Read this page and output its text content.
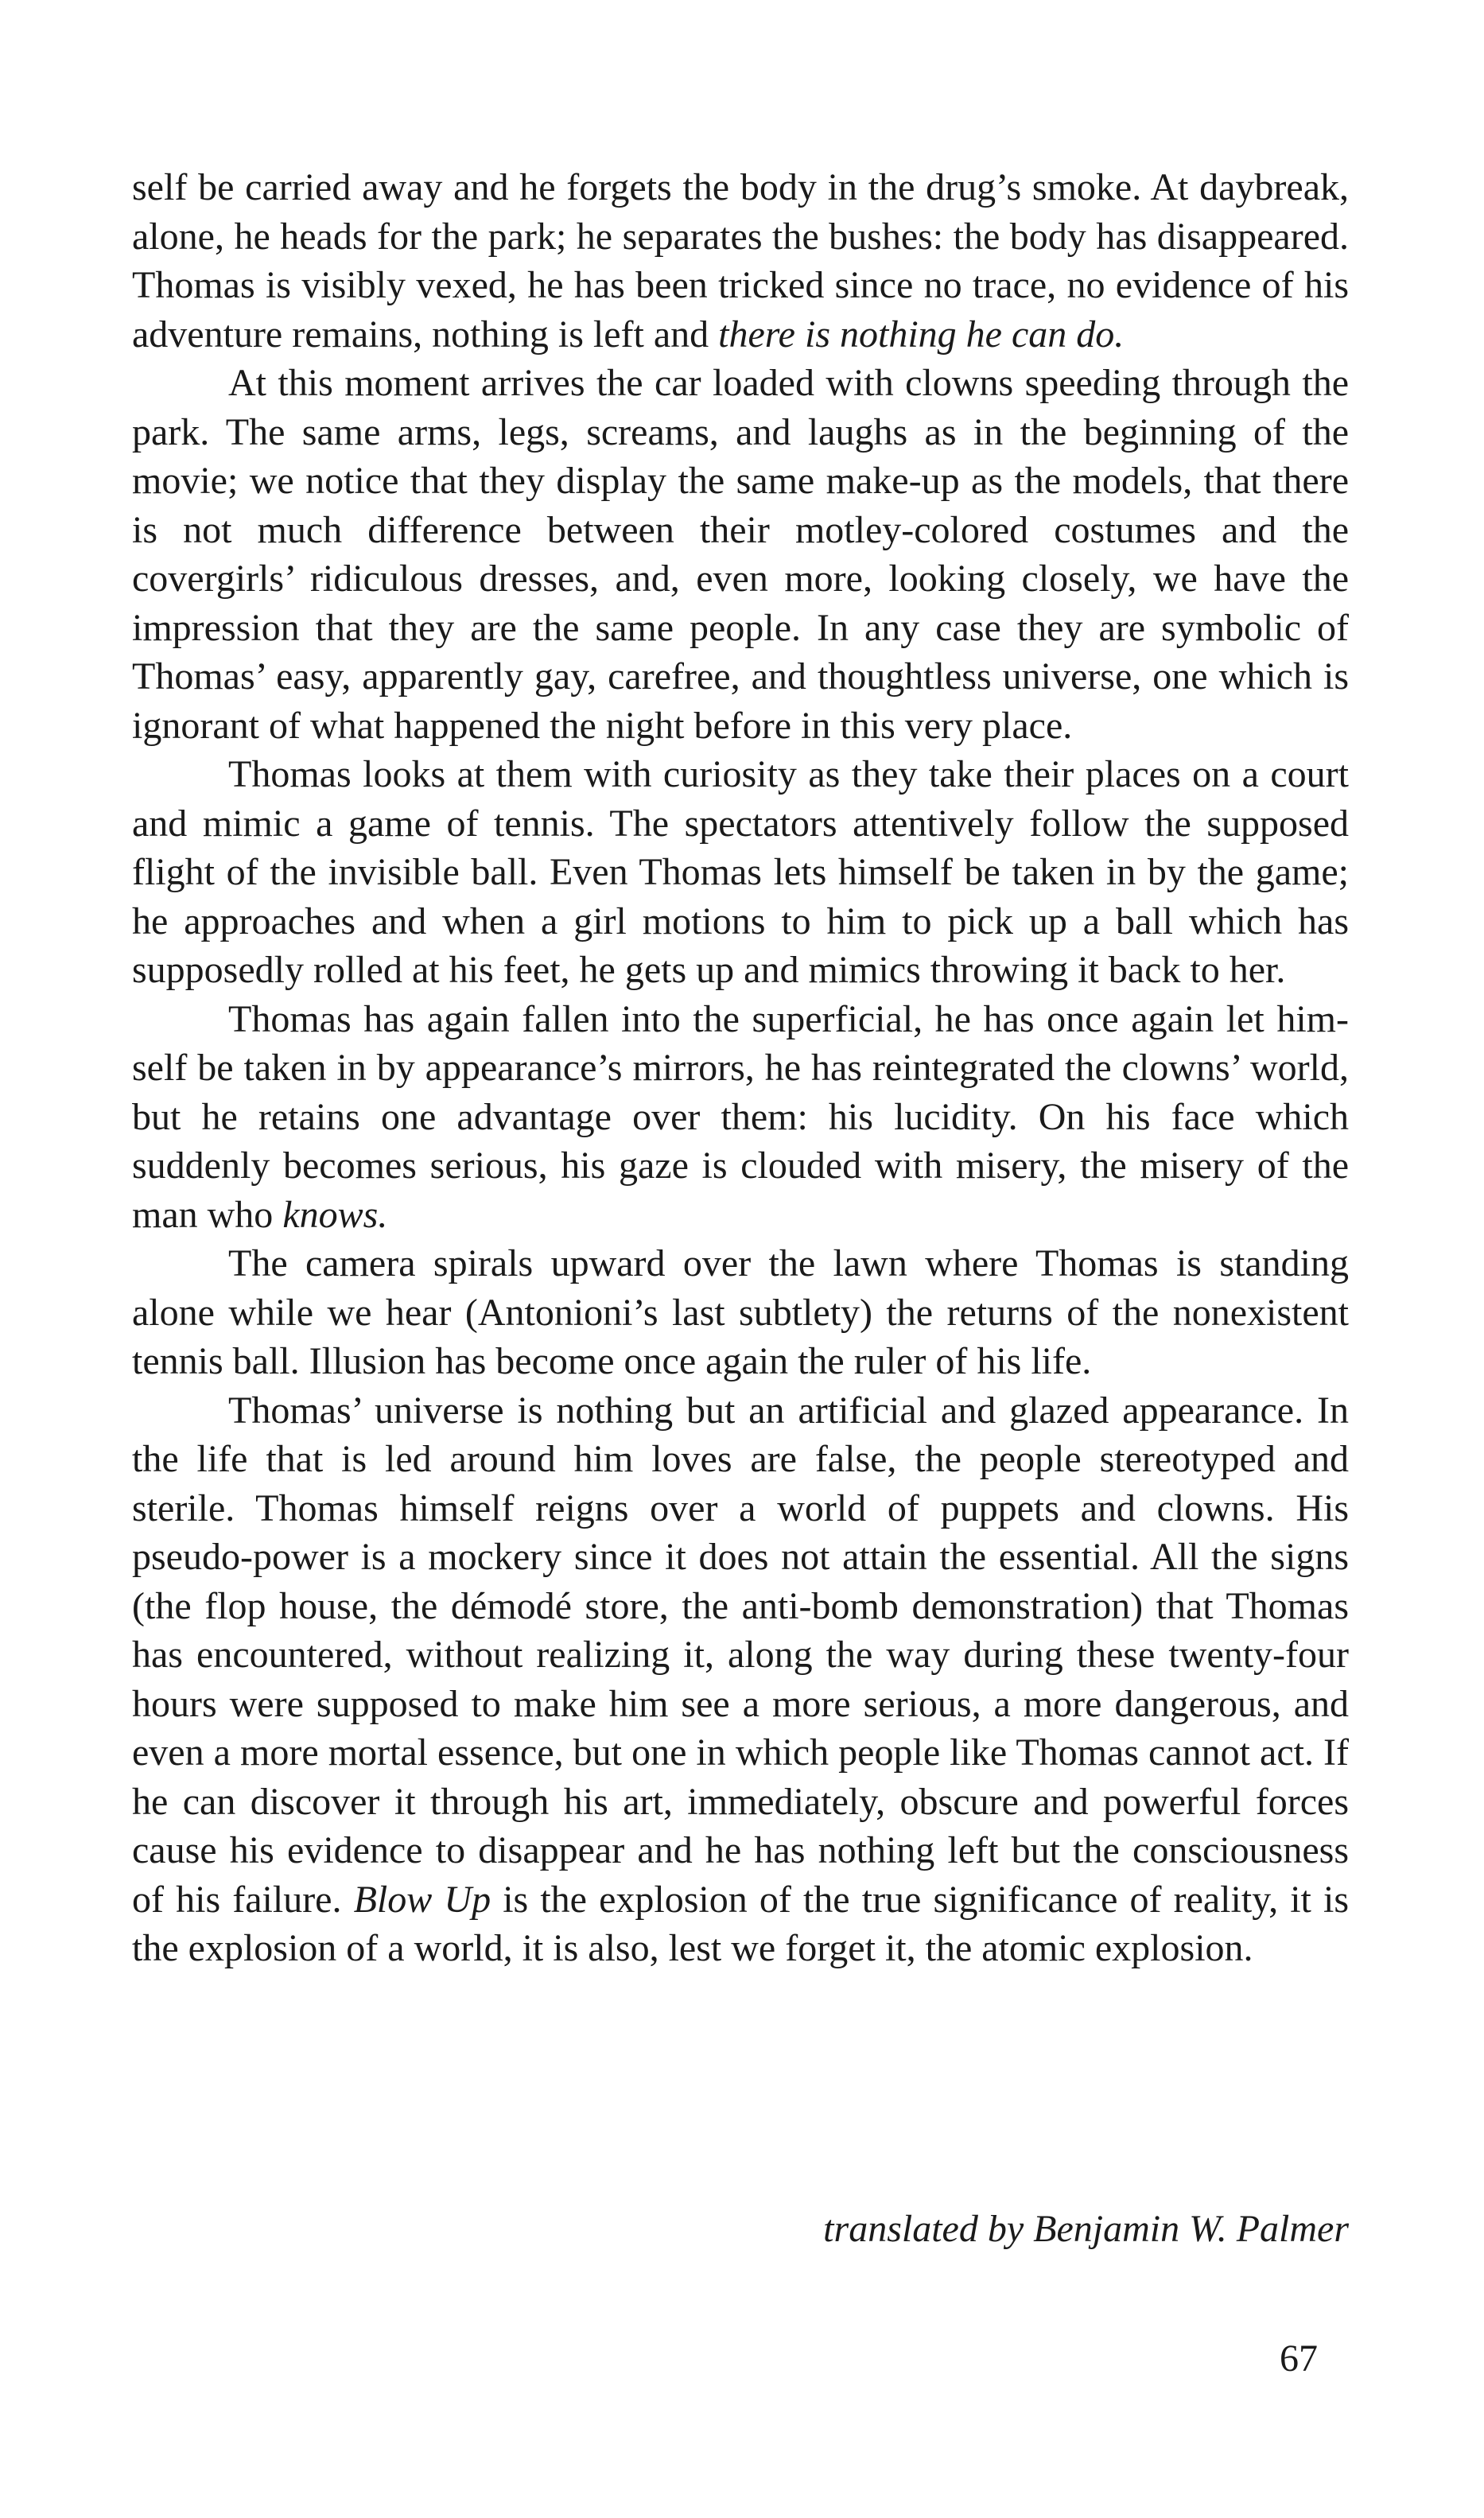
self be carried away and he forgets the body in the drug’s smoke. At daybreak, alone, he heads for the park; he separates the bushes: the body has disappeared. Thomas is visibly vexed, he has been tricked since no trace, no evidence of his adventure remains, nothing is left and there is nothing he can do.

At this moment arrives the car loaded with clowns speeding through the park. The same arms, legs, screams, and laughs as in the beginning of the movie; we notice that they display the same make-up as the models, that there is not much difference between their motley-colored costumes and the covergirls’ ridiculous dresses, and, even more, looking closely, we have the impression that they are the same people. In any case they are symbolic of Thomas’ easy, apparently gay, carefree, and thoughtless universe, one which is ignorant of what happened the night before in this very place.

Thomas looks at them with curiosity as they take their places on a court and mimic a game of tennis. The spectators attentively follow the supposed flight of the invisible ball. Even Thomas lets himself be taken in by the game; he approaches and when a girl motions to him to pick up a ball which has supposedly rolled at his feet, he gets up and mimics throwing it back to her.

Thomas has again fallen into the superficial, he has once again let himself be taken in by appearance’s mirrors, he has reintegrated the clowns’ world, but he retains one advantage over them: his lucidity. On his face which suddenly becomes serious, his gaze is clouded with misery, the misery of the man who knows.

The camera spirals upward over the lawn where Thomas is standing alone while we hear (Antonioni’s last subtlety) the returns of the nonexistent tennis ball. Illusion has become once again the ruler of his life.

Thomas’ universe is nothing but an artificial and glazed appearance. In the life that is led around him loves are false, the people stereotyped and sterile. Thomas himself reigns over a world of puppets and clowns. His pseudo-power is a mockery since it does not attain the essential. All the signs (the flop house, the démodé store, the anti-bomb demonstration) that Thomas has encountered, without realizing it, along the way during these twenty-four hours were supposed to make him see a more serious, a more dangerous, and even a more mortal essence, but one in which people like Thomas cannot act. If he can discover it through his art, immediately, obscure and powerful forces cause his evidence to disappear and he has nothing left but the consciousness of his failure. Blow Up is the explosion of the true significance of reality, it is the explosion of a world, it is also, lest we forget it, the atomic explosion.

translated by Benjamin W. Palmer

67
